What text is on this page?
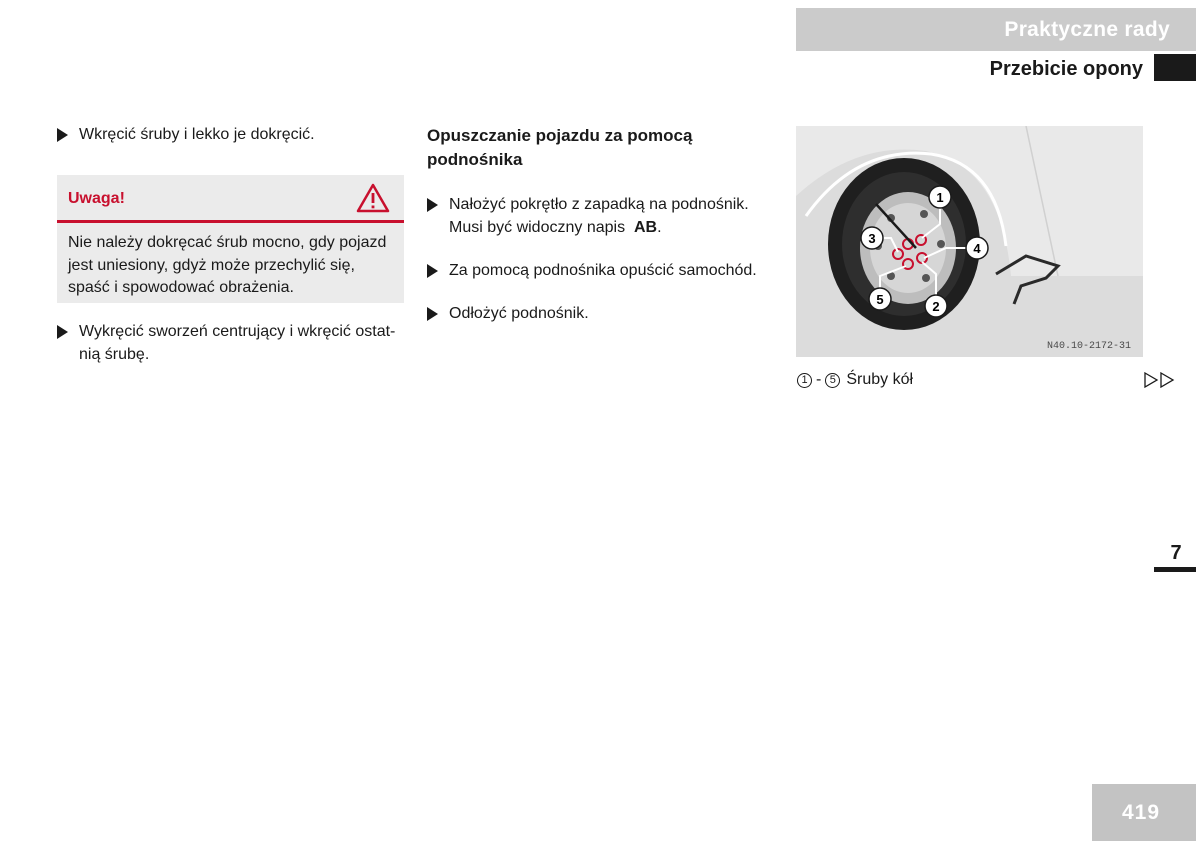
Praktyczne rady
Przebicie opony
Wkręcić śruby i lekko je dokręcić.
Uwaga!
Nie należy dokręcać śrub mocno, gdy pojazd jest uniesiony, gdyż może przechylić się, spaść i spowodować obrażenia.
Wykręcić sworzeń centrujący i wkręcić ostat-
nią śrubę.
Opuszczanie pojazdu za pomocą podnośnika
Nałożyć pokrętło z zapadką na podnośnik.
Musi być widoczny napis AB.
Za pomocą podnośnika opuścić samochód.
Odłożyć podnośnik.
1
3
4
5	2
N40.10-2172-31
1 - 5 Śruby kół
7
419
